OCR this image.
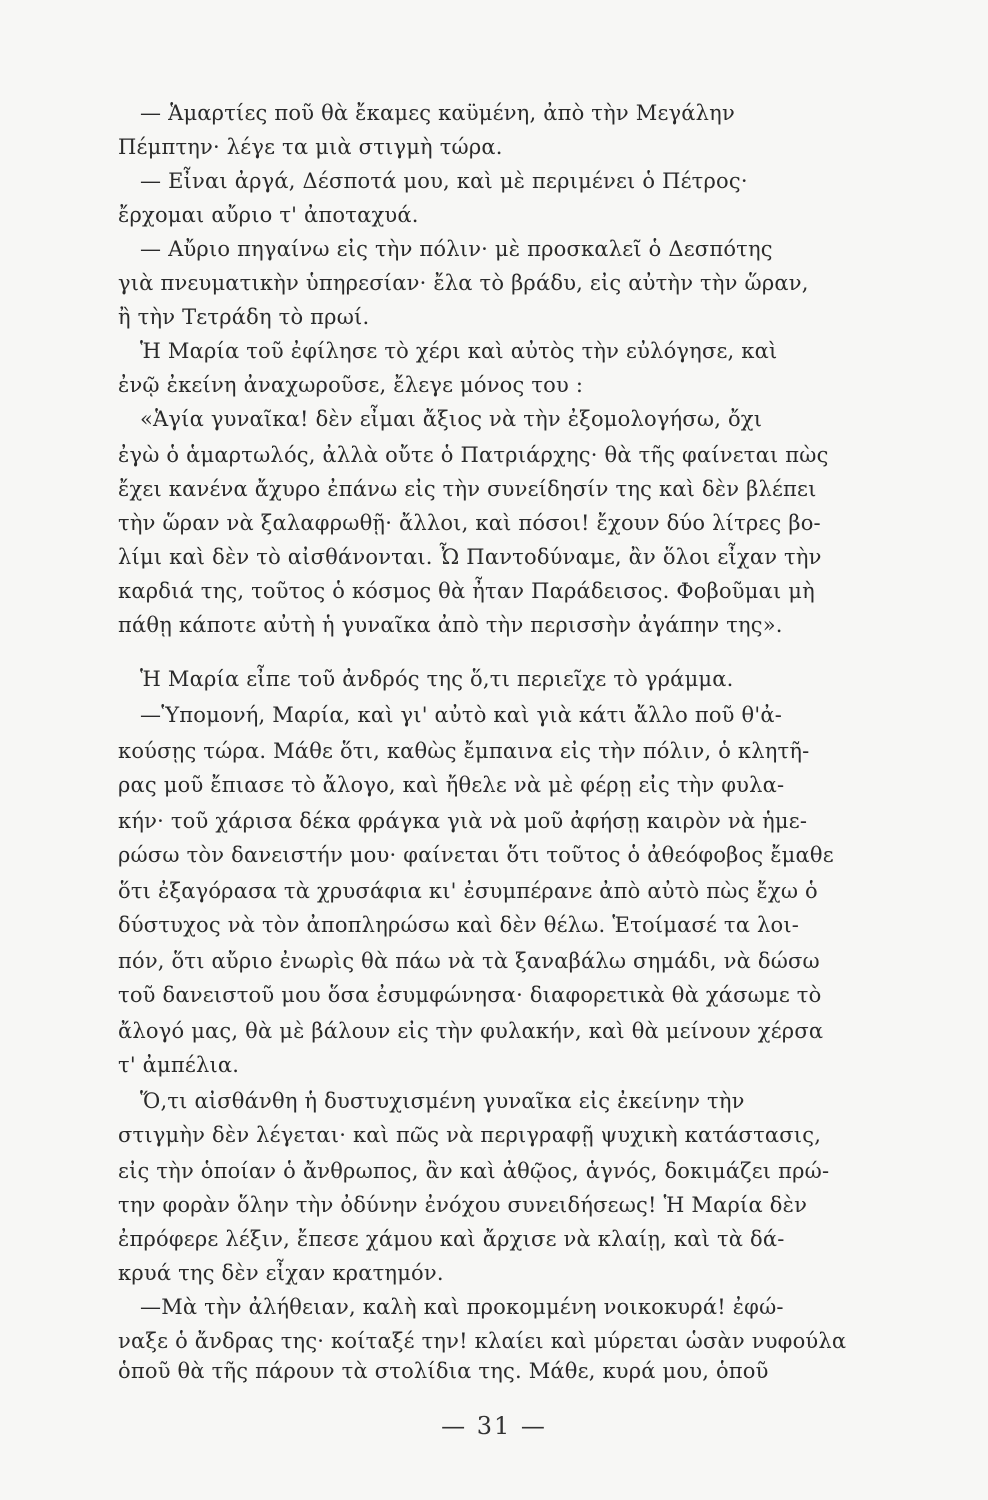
— Ἁμαρτίες ποῦ θὰ ἔκαμες καϋμένη, ἀπὸ τὴν Μεγάλην
Πέμπτην· λέγε τα μιὰ στιγμὴ τώρα.
— Εἶναι ἀργά, Δέσποτά μου, καὶ μὲ περιμένει ὁ Πέτρος·
ἔρχομαι αὔριο τ' ἀποταχυά.
— Αὔριο πηγαίνω εἰς τὴν πόλιν· μὲ προσκαλεῖ ὁ Δεσπότης
γιὰ πνευματικὴν ὑπηρεσίαν· ἔλα τὸ βράδυ, εἰς αὐτὴν τὴν ὥραν,
ἢ τὴν Τετράδη τὸ πρωί.
Ἡ Μαρία τοῦ ἐφίλησε τὸ χέρι καὶ αὐτὸς τὴν εὐλόγησε, καὶ
ἐνῷ ἐκείνη ἀναχωροῦσε, ἔλεγε μόνος του :
«Ἁγία γυναῖκα! δὲν εἶμαι ἄξιος νὰ τὴν ἐξομολογήσω, ὄχι
ἐγὼ ὁ ἁμαρτωλός, ἀλλὰ οὔτε ὁ Πατριάρχης· θὰ τῆς φαίνεται πὼς
ἔχει κανένα ἄχυρο ἐπάνω εἰς τὴν συνείδησίν της καὶ δὲν βλέπει
τὴν ὥραν νὰ ξαλαφρωθῇ· ἄλλοι, καὶ πόσοι! ἔχουν δύο λίτρες βο-
λίμι καὶ δὲν τὸ αἰσθάνονται. Ὦ Παντοδύναμε, ἂν ὅλοι εἶχαν τὴν
καρδιά της, τοῦτος ὁ κόσμος θὰ ἦταν Παράδεισος. Φοβοῦμαι μὴ
πάθῃ κάποτε αὐτὴ ἡ γυναῖκα ἀπὸ τὴν περισσὴν ἀγάπην της».
Ἡ Μαρία εἶπε τοῦ ἀνδρός της ὅ,τι περιεῖχε τὸ γράμμα.
—Ὑπομονή, Μαρία, καὶ γι' αὐτὸ καὶ γιὰ κάτι ἄλλο ποῦ θ'ἀ-
κούσῃς τώρα. Μάθε ὅτι, καθὼς ἔμπαινα εἰς τὴν πόλιν, ὁ κλητῆ-
ρας μοῦ ἔπιασε τὸ ἄλογο, καὶ ἤθελε νὰ μὲ φέρῃ εἰς τὴν φυλα-
κήν· τοῦ χάρισα δέκα φράγκα γιὰ νὰ μοῦ ἀφήσῃ καιρὸν νὰ ἡμε-
ρώσω τὸν δανειστήν μου· φαίνεται ὅτι τοῦτος ὁ ἀθεόφοβος ἔμαθε
ὅτι ἐξαγόρασα τὰ χρυσάφια κι' ἐσυμπέρανε ἀπὸ αὐτὸ πὼς ἔχω ὁ
δύστυχος νὰ τὸν ἀποπληρώσω καὶ δὲν θέλω. Ἑτοίμασέ τα λοι-
πόν, ὅτι αὔριο ἐνωρὶς θὰ πάω νὰ τὰ ξαναβάλω σημάδι, νὰ δώσω
τοῦ δανειστοῦ μου ὅσα ἐσυμφώνησα· διαφορετικὰ θὰ χάσωμε τὸ
ἄλογό μας, θὰ μὲ βάλουν εἰς τὴν φυλακήν, καὶ θὰ μείνουν χέρσα
τ' ἀμπέλια.
Ὅ,τι αἰσθάνθη ἡ δυστυχισμένη γυναῖκα εἰς ἐκείνην τὴν
στιγμὴν δὲν λέγεται· καὶ πῶς νὰ περιγραφῇ ψυχικὴ κατάστασις,
εἰς τὴν ὁποίαν ὁ ἄνθρωπος, ἂν καὶ ἀθῷος, ἁγνός, δοκιμάζει πρώ-
την φορὰν ὅλην τὴν ὀδύνην ἐνόχου συνειδήσεως! Ἡ Μαρία δὲν
ἐπρόφερε λέξιν, ἔπεσε χάμου καὶ ἄρχισε νὰ κλαίῃ, καὶ τὰ δά-
κρυά της δὲν εἶχαν κρατημόν.
—Μὰ τὴν ἀλήθειαν, καλὴ καὶ προκομμένη νοικοκυρά! ἐφώ-
ναξε ὁ ἄνδρας της· κοίταξέ την! κλαίει καὶ μύρεται ὡσὰν νυφούλα
ὁποῦ θὰ τῆς πάρουν τὰ στολίδια της. Μάθε, κυρά μου, ὁποῦ
— 31 —
